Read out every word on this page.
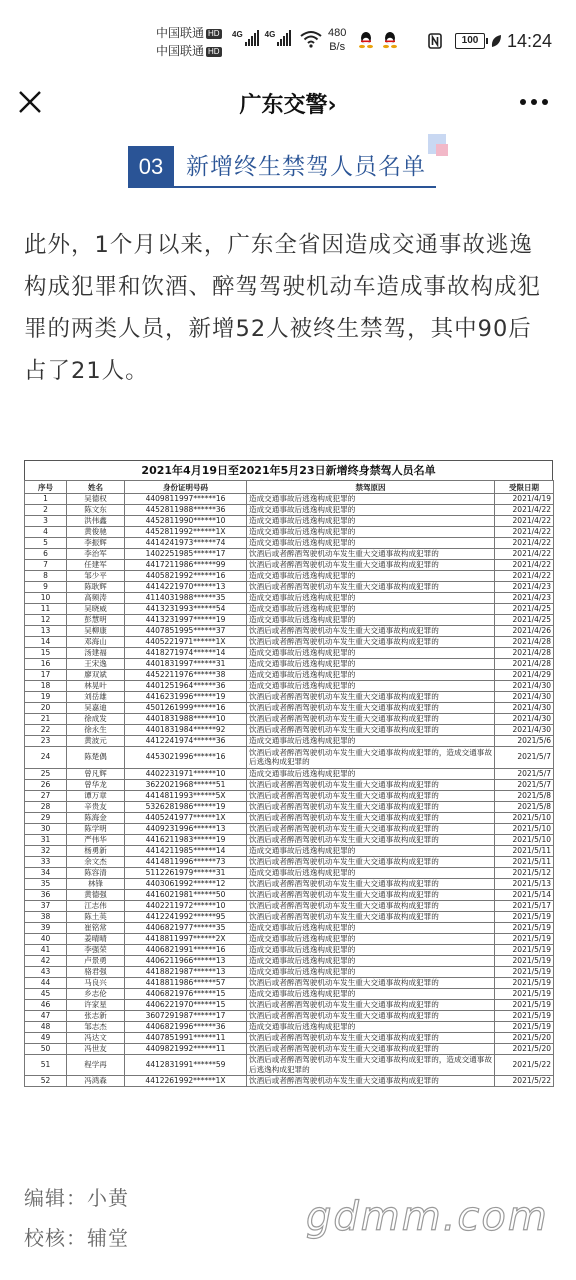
中国联通 HD
中国联通 HD
4G	4G	480
B/s
100	14:24
广东交警›
03 新增终生禁驾人员名单
此外，1个月以来，广东全省因造成交通事故逃逸构成犯罪和饮酒、醉驾驾驶机动车造成事故构成犯罪的两类人员，新增52人被终生禁驾，其中90后占了21人。
2021年4月19日至2021年5月23日新增终身禁驾人员名单
序号	姓名	身份证明号码	禁驾原因	受限日期
1	吴德权	4409811997******16	造成交通事故后逃逸构成犯罪的	2021/4/19
2	陈文东	4452811988******36	造成交通事故后逃逸构成犯罪的	2021/4/22
3	洪伟鑫	4452811990******10	造成交通事故后逃逸构成犯罪的	2021/4/22
4	黄俊驰	4452811992******1X	造成交通事故后逃逸构成犯罪的	2021/4/22
5	李振辉	4414241973******74	造成交通事故后逃逸构成犯罪的	2021/4/22
6	李治军	1402251985******17	饮酒后或者醉酒驾驶机动车发生重大交通事故构成犯罪的	2021/4/22
7	任建军	4417211986******99	饮酒后或者醉酒驾驶机动车发生重大交通事故构成犯罪的	2021/4/22
8	邹少平	4405821992******16	造成交通事故后逃逸构成犯罪的	2021/4/22
9	陈耿辉	4414221970******13	饮酒后或者醉酒驾驶机动车发生重大交通事故构成犯罪的	2021/4/23
10	高频涛	4114031988******35	造成交通事故后逃逸构成犯罪的	2021/4/23
11	吴晓威	4413231993******54	造成交通事故后逃逸构成犯罪的	2021/4/25
12	彭慧明	4413231997******19	造成交通事故后逃逸构成犯罪的	2021/4/25
13	吴柳康	4407851995******37	饮酒后或者醉酒驾驶机动车发生重大交通事故构成犯罪的	2021/4/26
14	邓海山	4405221971******1X	饮酒后或者醉酒驾驶机动车发生重大交通事故构成犯罪的	2021/4/28
15	汤建福	4418271974******14	造成交通事故后逃逸构成犯罪的	2021/4/28
16	王宋逸	4401831997******31	造成交通事故后逃逸构成犯罪的	2021/4/28
17	廖双斌	4452211976******38	造成交通事故后逃逸构成犯罪的	2021/4/29
18	林晃叶	4401251964******36	造成交通事故后逃逸构成犯罪的	2021/4/30
19	刘岳雄	4416231996******19	饮酒后或者醉酒驾驶机动车发生重大交通事故构成犯罪的	2021/4/30
20	吴嘉迪	4501261999******16	饮酒后或者醉酒驾驶机动车发生重大交通事故构成犯罪的	2021/4/30
21	徐成发	4401831988******10	饮酒后或者醉酒驾驶机动车发生重大交通事故构成犯罪的	2021/4/30
22	徐永生	4401831984******92	饮酒后或者醉酒驾驶机动车发生重大交通事故构成犯罪的	2021/4/30
23	黄波元	4412241974******36	造成交通事故后逃逸构成犯罪的	2021/5/6
24	陈楚偶	4453021996******16	饮酒后或者醉酒驾驶机动车发生重大交通事故构成犯罪的，造成交通事故后逃逸构成犯罪的	2021/5/7
25	曾凡辉	4402231971******10	造成交通事故后逃逸构成犯罪的	2021/5/7
26	曾华龙	3622021968******51	饮酒后或者醉酒驾驶机动车发生重大交通事故构成犯罪的	2021/5/7
27	谭万章	4414811993******5X	饮酒后或者醉酒驾驶机动车发生重大交通事故构成犯罪的	2021/5/8
28	辛贵友	5326281986******19	饮酒后或者醉酒驾驶机动车发生重大交通事故构成犯罪的	2021/5/8
29	陈海金	4405241977******1X	饮酒后或者醉酒驾驶机动车发生重大交通事故构成犯罪的	2021/5/10
30	陈学明	4409231996******13	饮酒后或者醉酒驾驶机动车发生重大交通事故构成犯罪的	2021/5/10
31	严伟华	4416211983******19	饮酒后或者醉酒驾驶机动车发生重大交通事故构成犯罪的	2021/5/10
32	杨勇新	4414211985******14	造成交通事故后逃逸构成犯罪的	2021/5/11
33	余文杰	4414811996******73	饮酒后或者醉酒驾驶机动车发生重大交通事故构成犯罪的	2021/5/11
34	陈容清	5112261979******31	造成交通事故后逃逸构成犯罪的	2021/5/12
35	林锋	4403061992******12	饮酒后或者醉酒驾驶机动车发生重大交通事故构成犯罪的	2021/5/13
36	黄德强	4416021981******50	饮酒后或者醉酒驾驶机动车发生重大交通事故构成犯罪的	2021/5/14
37	江志伟	4402211972******10	饮酒后或者醉酒驾驶机动车发生重大交通事故构成犯罪的	2021/5/17
38	陈土英	4412241992******95	饮酒后或者醉酒驾驶机动车发生重大交通事故构成犯罪的	2021/5/19
39	崔铭常	4406821977******35	造成交通事故后逃逸构成犯罪的	2021/5/19
40	姜晴晴	4418811997******2X	造成交通事故后逃逸构成犯罪的	2021/5/19
41	李强荣	4406821991******16	造成交通事故后逃逸构成犯罪的	2021/5/19
42	卢景勇	4406211966******13	造成交通事故后逃逸构成犯罪的	2021/5/19
43	骆君强	4418821987******13	造成交通事故后逃逸构成犯罪的	2021/5/19
44	马良兴	4418811986******57	饮酒后或者醉酒驾驶机动车发生重大交通事故构成犯罪的	2021/5/19
45	乡志伦	4406821976******15	造成交通事故后逃逸构成犯罪的	2021/5/19
46	许家星	4406221970******15	饮酒后或者醉酒驾驶机动车发生重大交通事故构成犯罪的	2021/5/19
47	张志新	3607291987******17	饮酒后或者醉酒驾驶机动车发生重大交通事故构成犯罪的	2021/5/19
48	邹志杰	4406821996******36	造成交通事故后逃逸构成犯罪的	2021/5/19
49	冯达文	4407851991******11	饮酒后或者醉酒驾驶机动车发生重大交通事故构成犯罪的	2021/5/20
50	冯世友	4409821992******11	饮酒后或者醉酒驾驶机动车发生重大交通事故构成犯罪的	2021/5/20
51	程学再	4412831991******59	饮酒后或者醉酒驾驶机动车发生重大交通事故构成犯罪的，造成交通事故后逃逸构成犯罪的	2021/5/22
52	冯鸿森	4412261992******1X	饮酒后或者醉酒驾驶机动车发生重大交通事故构成犯罪的	2021/5/22
编辑：小黄
校核：辅堂	gdmm.com
